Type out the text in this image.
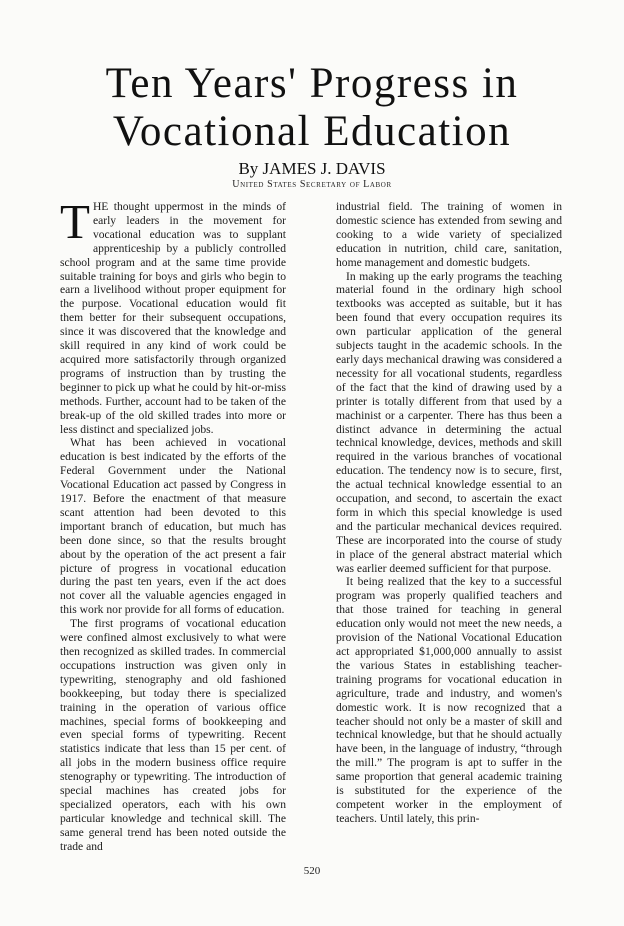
Ten Years' Progress in Vocational Education

By JAMES J. DAVIS

United States Secretary of Labor

THE thought uppermost in the minds of early leaders in the movement for vocational education was to supplant apprenticeship by a publicly controlled school program and at the same time provide suitable training for boys and girls who begin to earn a livelihood without proper equipment for the purpose. Vocational education would fit them better for their subsequent occupations, since it was discovered that the knowledge and skill required in any kind of work could be acquired more satisfactorily through organized programs of instruction than by trusting the beginner to pick up what he could by hit-or-miss methods. Further, account had to be taken of the break-up of the old skilled trades into more or less distinct and specialized jobs.

What has been achieved in vocational education is best indicated by the efforts of the Federal Government under the National Vocational Education act passed by Congress in 1917. Before the enactment of that measure scant attention had been devoted to this important branch of education, but much has been done since, so that the results brought about by the operation of the act present a fair picture of progress in vocational education during the past ten years, even if the act does not cover all the valuable agencies engaged in this work nor provide for all forms of education.

The first programs of vocational education were confined almost exclusively to what were then recognized as skilled trades. In commercial occupations instruction was given only in typewriting, stenography and old fashioned bookkeeping, but today there is specialized training in the operation of various office machines, special forms of bookkeeping and even special forms of typewriting. Recent statistics indicate that less than 15 per cent. of all jobs in the modern business office require stenography or typewriting. The introduction of special machines has created jobs for specialized operators, each with his own particular knowledge and technical skill. The same general trend has been noted outside the trade and

industrial field. The training of women in domestic science has extended from sewing and cooking to a wide variety of specialized education in nutrition, child care, sanitation, home management and domestic budgets.

In making up the early programs the teaching material found in the ordinary high school textbooks was accepted as suitable, but it has been found that every occupation requires its own particular application of the general subjects taught in the academic schools. In the early days mechanical drawing was considered a necessity for all vocational students, regardless of the fact that the kind of drawing used by a printer is totally different from that used by a machinist or a carpenter. There has thus been a distinct advance in determining the actual technical knowledge, devices, methods and skill required in the various branches of vocational education. The tendency now is to secure, first, the actual technical knowledge essential to an occupation, and second, to ascertain the exact form in which this special knowledge is used and the particular mechanical devices required. These are incorporated into the course of study in place of the general abstract material which was earlier deemed sufficient for that purpose.

It being realized that the key to a successful program was properly qualified teachers and that those trained for teaching in general education only would not meet the new needs, a provision of the National Vocational Education act appropriated $1,000,000 annually to assist the various States in establishing teacher-training programs for vocational education in agriculture, trade and industry, and women's domestic work. It is now recognized that a teacher should not only be a master of skill and technical knowledge, but that he should actually have been, in the language of industry, “through the mill.” The program is apt to suffer in the same proportion that general academic training is substituted for the experience of the competent worker in the employment of teachers. Until lately, this prin-

520
